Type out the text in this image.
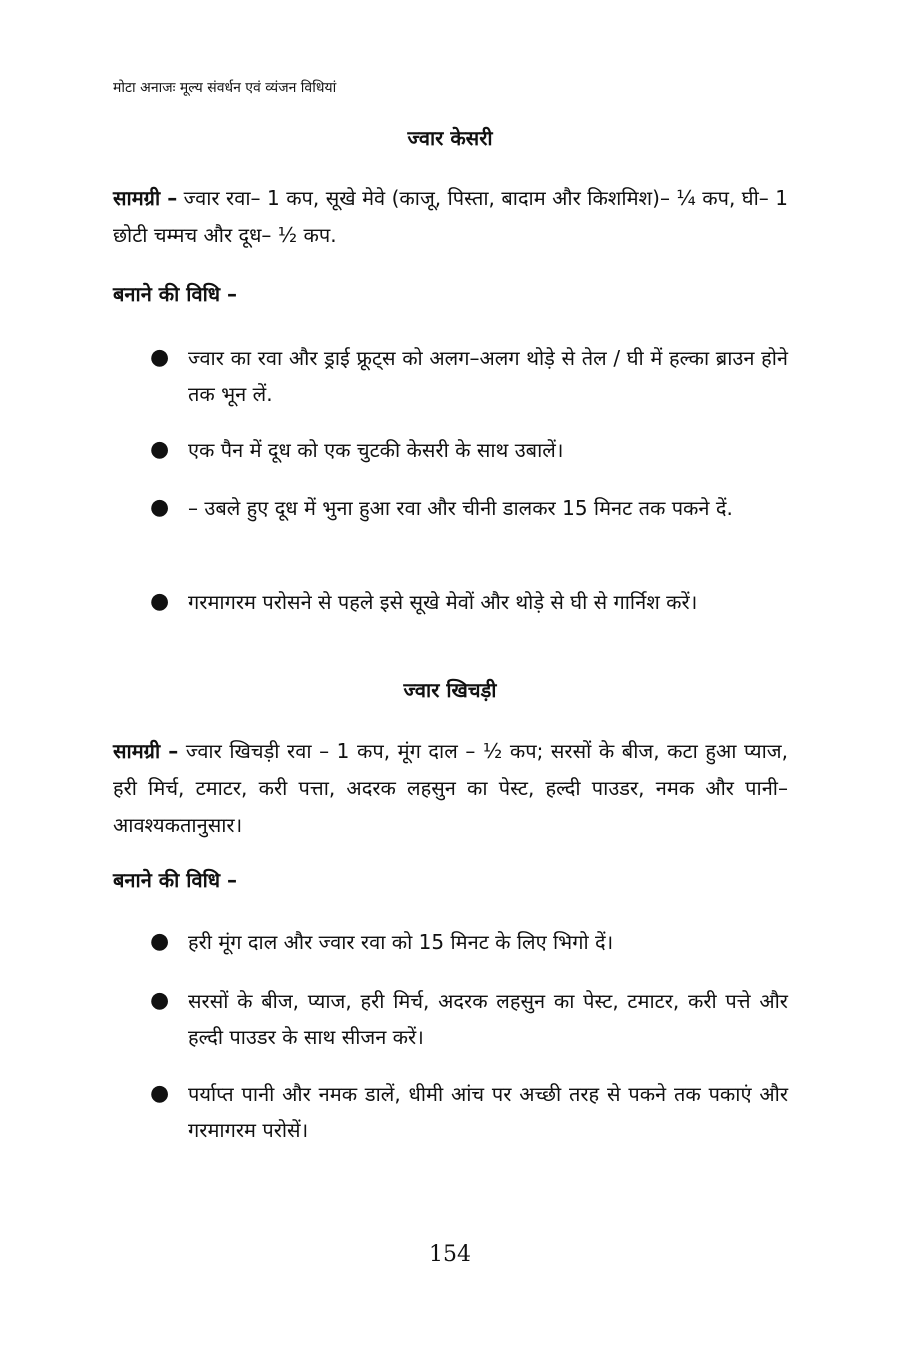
मोटा अनाजः मूल्य संवर्धन एवं व्यंजन विधियां
ज्वार केसरी

सामग्री – ज्वार रवा– 1 कप, सूखे मेवे (काजू, पिस्ता, बादाम और किशमिश)– ¼ कप, घी– 1 छोटी चम्मच और दूध– ½ कप.

बनाने की विधि –
● ज्वार का रवा और ड्राई फ्रूट्स को अलग–अलग थोड़े से तेल / घी में हल्का ब्राउन होने तक भून लें.
● एक पैन में दूध को एक चुटकी केसरी के साथ उबालें।
● – उबले हुए दूध में भुना हुआ रवा और चीनी डालकर 15 मिनट तक पकने दें.
● गरमागरम परोसने से पहले इसे सूखे मेवों और थोड़े से घी से गार्निश करें।
ज्वार खिचड़ी

सामग्री – ज्वार खिचड़ी रवा – 1 कप, मूंग दाल – ½ कप; सरसों के बीज, कटा हुआ प्याज, हरी मिर्च, टमाटर, करी पत्ता, अदरक लहसुन का पेस्ट, हल्दी पाउडर, नमक और पानी– आवश्यकतानुसार।

बनाने की विधि –
● हरी मूंग दाल और ज्वार रवा को 15 मिनट के लिए भिगो दें।
● सरसों के बीज, प्याज, हरी मिर्च, अदरक लहसुन का पेस्ट, टमाटर, करी पत्ते और हल्दी पाउडर के साथ सीजन करें।
● पर्याप्त पानी और नमक डालें, धीमी आंच पर अच्छी तरह से पकने तक पकाएं और गरमागरम परोसें।
154
